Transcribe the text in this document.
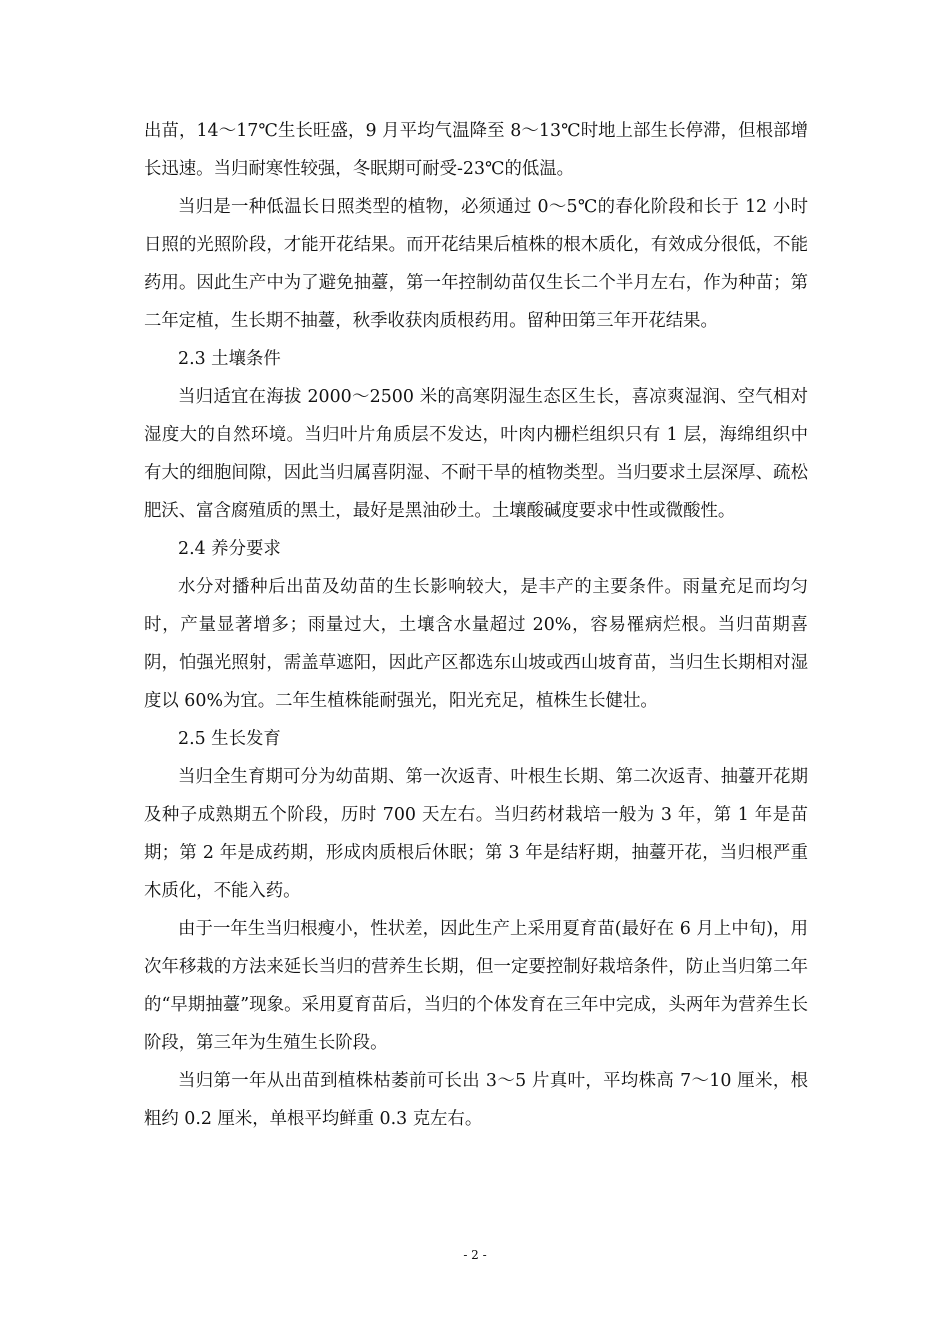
出苗，14～17℃生长旺盛，9 月平均气温降至 8～13℃时地上部生长停滞，但根部增长迅速。当归耐寒性较强，冬眠期可耐受-23℃的低温。

当归是一种低温长日照类型的植物，必须通过 0～5℃的春化阶段和长于 12 小时日照的光照阶段，才能开花结果。而开花结果后植株的根木质化，有效成分很低，不能药用。因此生产中为了避免抽薹，第一年控制幼苗仅生长二个半月左右，作为种苗；第二年定植，生长期不抽薹，秋季收获肉质根药用。留种田第三年开花结果。

2.3 土壤条件

当归适宜在海拔 2000～2500 米的高寒阴湿生态区生长，喜凉爽湿润、空气相对湿度大的自然环境。当归叶片角质层不发达，叶肉内栅栏组织只有 1 层，海绵组织中有大的细胞间隙，因此当归属喜阴湿、不耐干旱的植物类型。当归要求土层深厚、疏松肥沃、富含腐殖质的黑土，最好是黑油砂土。土壤酸碱度要求中性或微酸性。

2.4 养分要求

水分对播种后出苗及幼苗的生长影响较大，是丰产的主要条件。雨量充足而均匀时，产量显著增多；雨量过大，土壤含水量超过 20%，容易罹病烂根。当归苗期喜阴，怕强光照射，需盖草遮阳，因此产区都选东山坡或西山坡育苗，当归生长期相对湿度以 60%为宜。二年生植株能耐强光，阳光充足，植株生长健壮。

2.5 生长发育

当归全生育期可分为幼苗期、第一次返青、叶根生长期、第二次返青、抽薹开花期及种子成熟期五个阶段，历时 700 天左右。当归药材栽培一般为 3 年，第 1 年是苗期；第 2 年是成药期，形成肉质根后休眠；第 3 年是结籽期，抽薹开花，当归根严重木质化，不能入药。

由于一年生当归根瘦小，性状差，因此生产上采用夏育苗(最好在 6 月上中旬)，用次年移栽的方法来延长当归的营养生长期，但一定要控制好栽培条件，防止当归第二年的“早期抽薹”现象。采用夏育苗后，当归的个体发育在三年中完成，头两年为营养生长阶段，第三年为生殖生长阶段。

当归第一年从出苗到植株枯萎前可长出 3～5 片真叶，平均株高 7～10 厘米，根粗约 0.2 厘米，单根平均鲜重 0.3 克左右。

- 2 -
